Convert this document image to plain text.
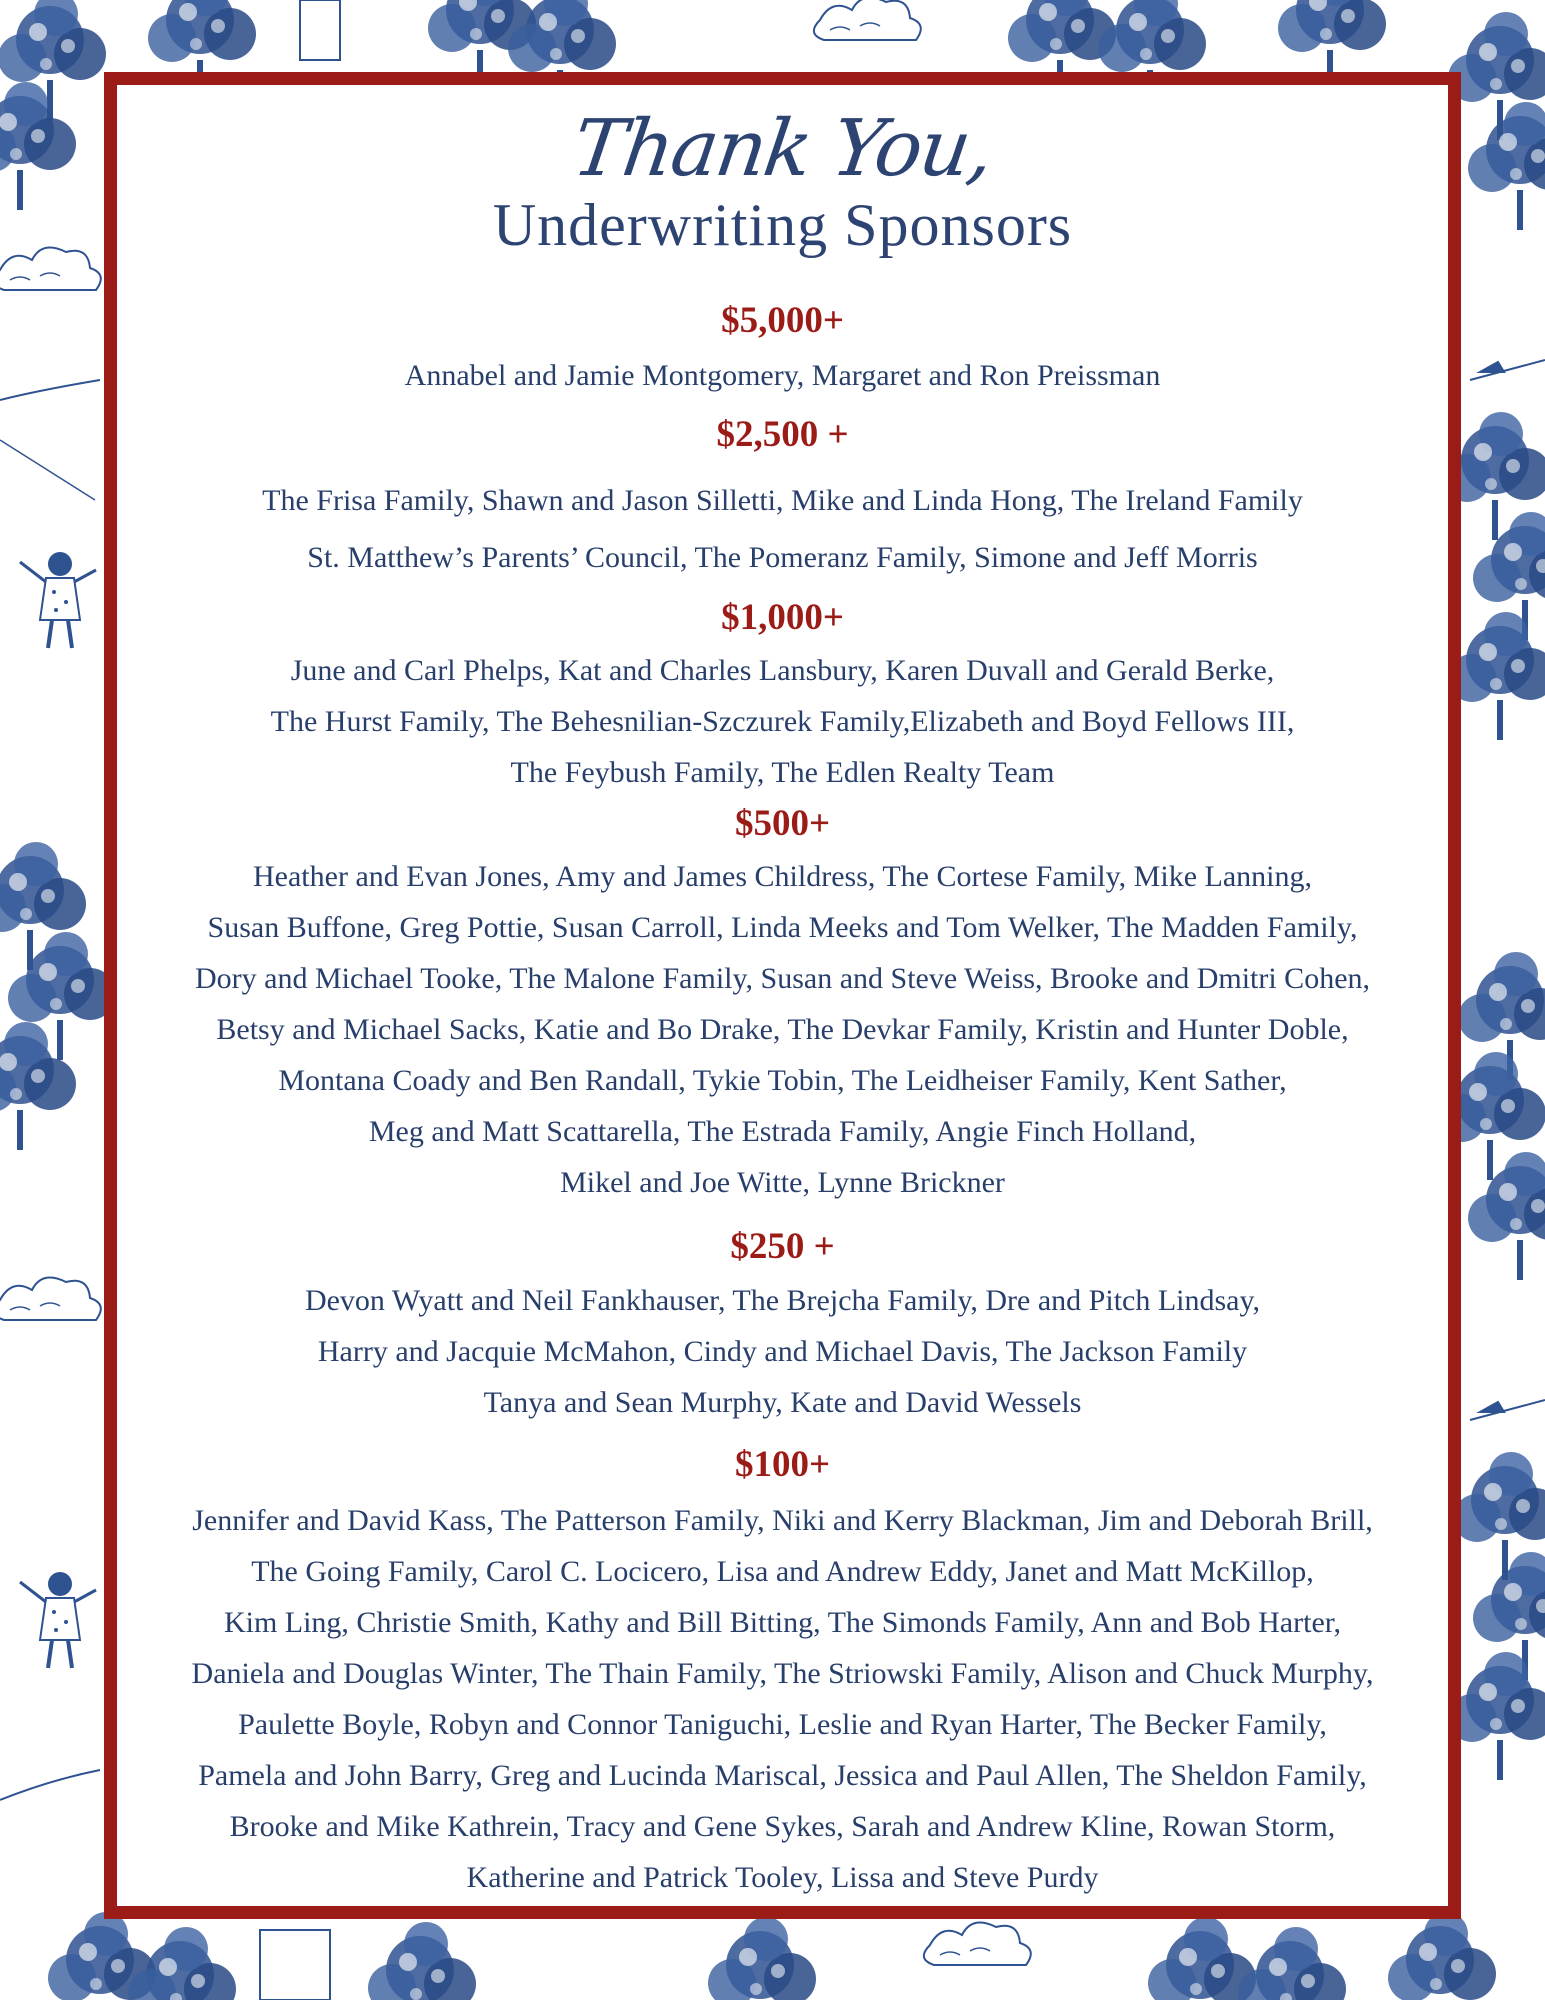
Thank You,
Underwriting Sponsors
$5,000+
Annabel and Jamie Montgomery, Margaret and Ron Preissman
$2,500 +
The Frisa Family, Shawn and Jason Silletti, Mike and Linda Hong, The Ireland Family
St. Matthew’s Parents’ Council, The Pomeranz Family, Simone and Jeff Morris
$1,000+
June and Carl Phelps, Kat and Charles Lansbury, Karen Duvall and Gerald Berke,
The Hurst Family, The Behesnilian-Szczurek Family,Elizabeth and Boyd Fellows III,
The Feybush Family, The Edlen Realty Team
$500+
Heather and Evan Jones, Amy and James Childress, The Cortese Family, Mike Lanning,
Susan Buffone, Greg Pottie, Susan Carroll, Linda Meeks and Tom Welker, The Madden Family,
Dory and Michael Tooke, The Malone Family, Susan and Steve Weiss, Brooke and Dmitri Cohen,
Betsy and Michael Sacks, Katie and Bo Drake, The Devkar Family, Kristin and Hunter Doble,
Montana Coady and Ben Randall, Tykie Tobin, The Leidheiser Family, Kent Sather,
Meg and Matt Scattarella, The Estrada Family, Angie Finch Holland,
Mikel and Joe Witte, Lynne Brickner
$250 +
Devon Wyatt and Neil Fankhauser, The Brejcha Family, Dre and Pitch Lindsay,
Harry and Jacquie McMahon, Cindy and Michael Davis, The Jackson Family
Tanya and Sean Murphy, Kate and David Wessels
$100+
Jennifer and David Kass, The Patterson Family, Niki and Kerry Blackman, Jim and Deborah Brill,
The Going Family, Carol C. Locicero, Lisa and Andrew Eddy, Janet and Matt McKillop,
Kim Ling, Christie Smith, Kathy and Bill Bitting, The Simonds Family, Ann and Bob Harter,
Daniela and Douglas Winter, The Thain Family, The Striowski Family, Alison and Chuck Murphy,
Paulette Boyle, Robyn and Connor Taniguchi, Leslie and Ryan Harter, The Becker Family,
Pamela and John Barry, Greg and Lucinda Mariscal, Jessica and Paul Allen, The Sheldon Family,
Brooke and Mike Kathrein, Tracy and Gene Sykes, Sarah and Andrew Kline, Rowan Storm,
Katherine and Patrick Tooley, Lissa and Steve Purdy
